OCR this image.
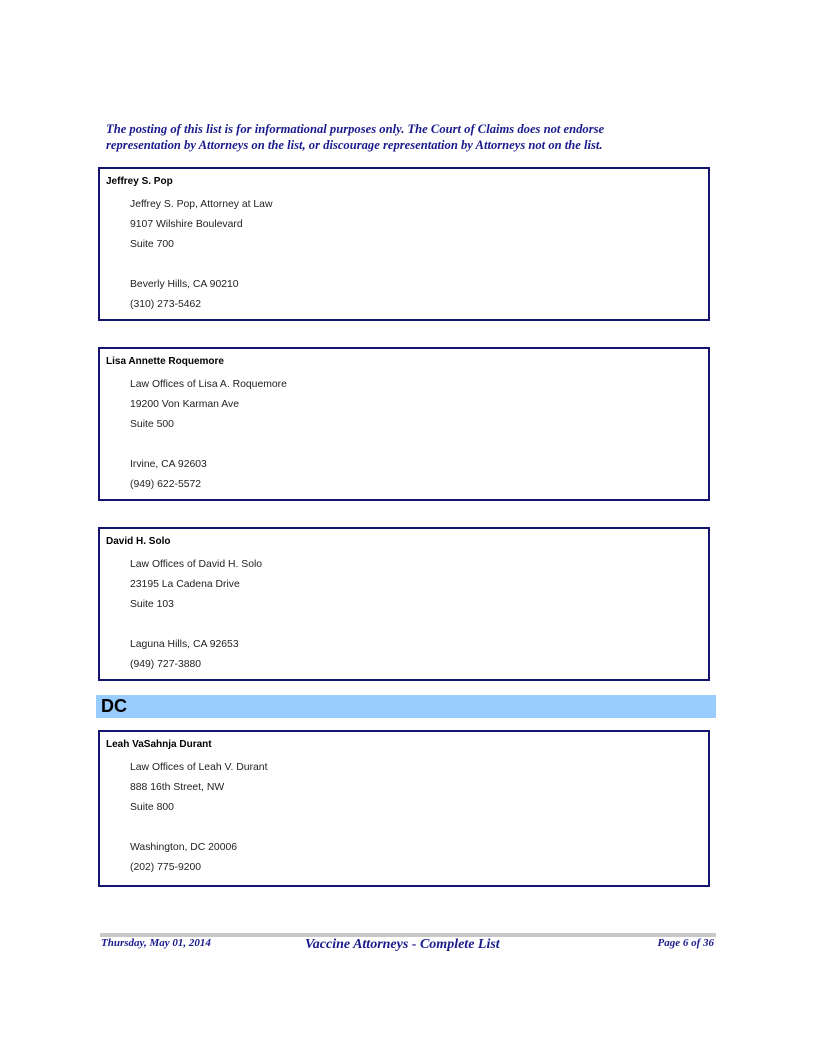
The posting of this list is for informational purposes only. The Court of Claims does not endorse
representation by Attorneys on the list, or discourage representation by Attorneys not on the list.
Jeffrey S. Pop
Jeffrey S. Pop, Attorney at Law
9107 Wilshire Boulevard
Suite 700
Beverly Hills, CA 90210
(310) 273-5462
Lisa Annette Roquemore
Law Offices of Lisa A. Roquemore
19200 Von Karman Ave
Suite 500
Irvine, CA 92603
(949) 622-5572
David H. Solo
Law Offices of David H. Solo
23195 La Cadena Drive
Suite 103
Laguna Hills, CA 92653
(949) 727-3880
DC
Leah VaSahnja Durant
Law Offices of Leah V. Durant
888 16th Street, NW
Suite 800
Washington, DC 20006
(202) 775-9200
Thursday, May 01, 2014	Vaccine Attorneys - Complete List	Page 6 of 36
